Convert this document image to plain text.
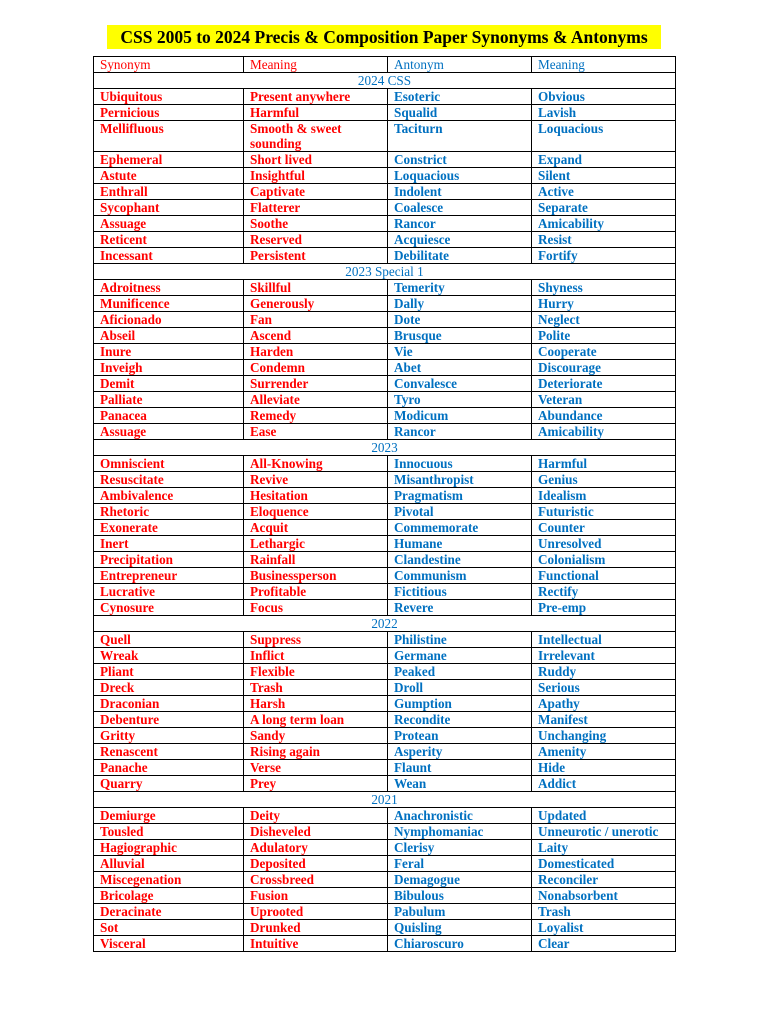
CSS 2005 to 2024 Precis & Composition Paper Synonyms & Antonyms
Synonym	Meaning	Antonym	Meaning
2024 CSS			
Ubiquitous	Present anywhere	Esoteric	Obvious
Pernicious	Harmful	Squalid	Lavish
Mellifluous	Smooth & sweet sounding	Taciturn	Loquacious
Ephemeral	Short lived	Constrict	Expand
Astute	Insightful	Loquacious	Silent
Enthrall	Captivate	Indolent	Active
Sycophant	Flatterer	Coalesce	Separate
Assuage	Soothe	Rancor	Amicability
Reticent	Reserved	Acquiesce	Resist
Incessant	Persistent	Debilitate	Fortify
2023 Special 1			
Adroitness	Skillful	Temerity	Shyness
Munificence	Generously	Dally	Hurry
Aficionado	Fan	Dote	Neglect
Abseil	Ascend	Brusque	Polite
Inure	Harden	Vie	Cooperate
Inveigh	Condemn	Abet	Discourage
Demit	Surrender	Convalesce	Deteriorate
Palliate	Alleviate	Tyro	Veteran
Panacea	Remedy	Modicum	Abundance
Assuage	Ease	Rancor	Amicability
2023			
Omniscient	All-Knowing	Innocuous	Harmful
Resuscitate	Revive	Misanthropist	Genius
Ambivalence	Hesitation	Pragmatism	Idealism
Rhetoric	Eloquence	Pivotal	Futuristic
Exonerate	Acquit	Commemorate	Counter
Inert	Lethargic	Humane	Unresolved
Precipitation	Rainfall	Clandestine	Colonialism
Entrepreneur	Businessperson	Communism	Functional
Lucrative	Profitable	Fictitious	Rectify
Cynosure	Focus	Revere	Pre-emp
2022			
Quell	Suppress	Philistine	Intellectual
Wreak	Inflict	Germane	Irrelevant
Pliant	Flexible	Peaked	Ruddy
Dreck	Trash	Droll	Serious
Draconian	Harsh	Gumption	Apathy
Debenture	A long term loan	Recondite	Manifest
Gritty	Sandy	Protean	Unchanging
Renascent	Rising again	Asperity	Amenity
Panache	Verse	Flaunt	Hide
Quarry	Prey	Wean	Addict
2021			
Demiurge	Deity	Anachronistic	Updated
Tousled	Disheveled	Nymphomaniac	Unneurotic / unerotic
Hagiographic	Adulatory	Clerisy	Laity
Alluvial	Deposited	Feral	Domesticated
Miscegenation	Crossbreed	Demagogue	Reconciler
Bricolage	Fusion	Bibulous	Nonabsorbent
Deracinate	Uprooted	Pabulum	Trash
Sot	Drunked	Quisling	Loyalist
Visceral	Intuitive	Chiaroscuro	Clear
